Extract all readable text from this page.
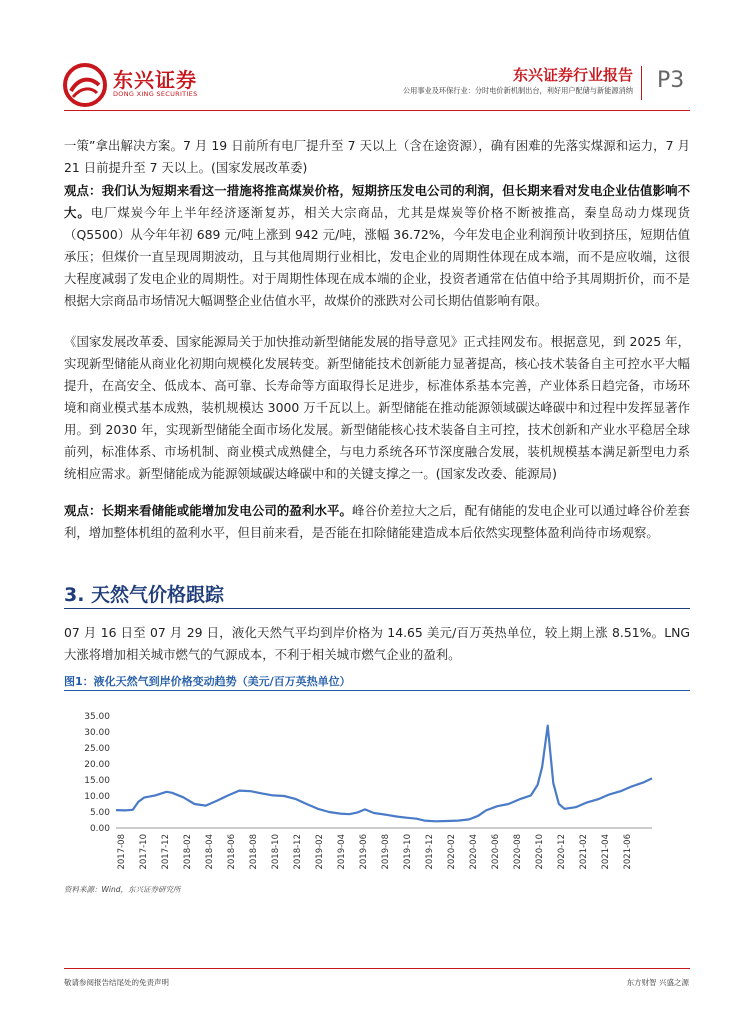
东兴证券
DONG XING SECURITIES
东兴证券行业报告
公用事业及环保行业：分时电价新机制出台，利好用户配储与新能源消纳 P3
一策”拿出解决方案。7 月 19 日前所有电厂提升至 7 天以上（含在途资源），确有困难的先落实煤源和运力，7 月 21 日前提升至 7 天以上。(国家发展改革委)
观点：我们认为短期来看这一措施将推高煤炭价格，短期挤压发电公司的利润，但长期来看对发电企业估值影响不大。电厂煤炭今年上半年经济逐渐复苏，相关大宗商品，尤其是煤炭等价格不断被推高，秦皇岛动力煤现货（Q5500）从今年年初 689 元/吨上涨到 942 元/吨，涨幅 36.72%，今年发电企业利润预计收到挤压，短期估值承压；但煤价一直呈现周期波动，且与其他周期行业相比，发电企业的周期性体现在成本端，而不是应收端，这很大程度减弱了发电企业的周期性。对于周期性体现在成本端的企业，投资者通常在估值中给予其周期折价，而不是根据大宗商品市场情况大幅调整企业估值水平，故煤价的涨跌对公司长期估值影响有限。
《国家发展改革委、国家能源局关于加快推动新型储能发展的指导意见》正式挂网发布。根据意见，到 2025 年，实现新型储能从商业化初期向规模化发展转变。新型储能技术创新能力显著提高，核心技术装备自主可控水平大幅提升，在高安全、低成本、高可靠、长寿命等方面取得长足进步，标准体系基本完善，产业体系日趋完备，市场环境和商业模式基本成熟，装机规模达 3000 万千瓦以上。新型储能在推动能源领域碳达峰碳中和过程中发挥显著作用。到 2030 年，实现新型储能全面市场化发展。新型储能核心技术装备自主可控，技术创新和产业水平稳居全球前列，标准体系、市场机制、商业模式成熟健全，与电力系统各环节深度融合发展，装机规模基本满足新型电力系统相应需求。新型储能成为能源领域碳达峰碳中和的关键支撑之一。(国家发改委、能源局)
观点：长期来看储能或能增加发电公司的盈利水平。峰谷价差拉大之后，配有储能的发电企业可以通过峰谷价差套利，增加整体机组的盈利水平，但目前来看，是否能在扣除储能建造成本后依然实现整体盈利尚待市场观察。
3. 天然气价格跟踪
07 月 16 日至 07 月 29 日，液化天然气平均到岸价格为 14.65 美元/百万英热单位，较上期上涨 8.51%。LNG 大涨将增加相关城市燃气的气源成本，不利于相关城市燃气企业的盈利。
图1：液化天然气到岸价格变动趋势（美元/百万英热单位）
35.00
30.00
25.00
20.00
15.00
10.00
5.00
0.00
2017-08 2017-10 2017-12 2018-02 2018-04 2018-06 2018-08 2018-10 2018-12 2019-02 2019-04 2019-06 2019-08 2019-10 2019-12 2020-02 2020-04 2020-06 2020-08 2020-10 2020-12 2021-02 2021-04 2021-06
资料来源：Wind，东兴证券研究所
敬请参阅报告结尾处的免责声明	东方财智 兴盛之源
